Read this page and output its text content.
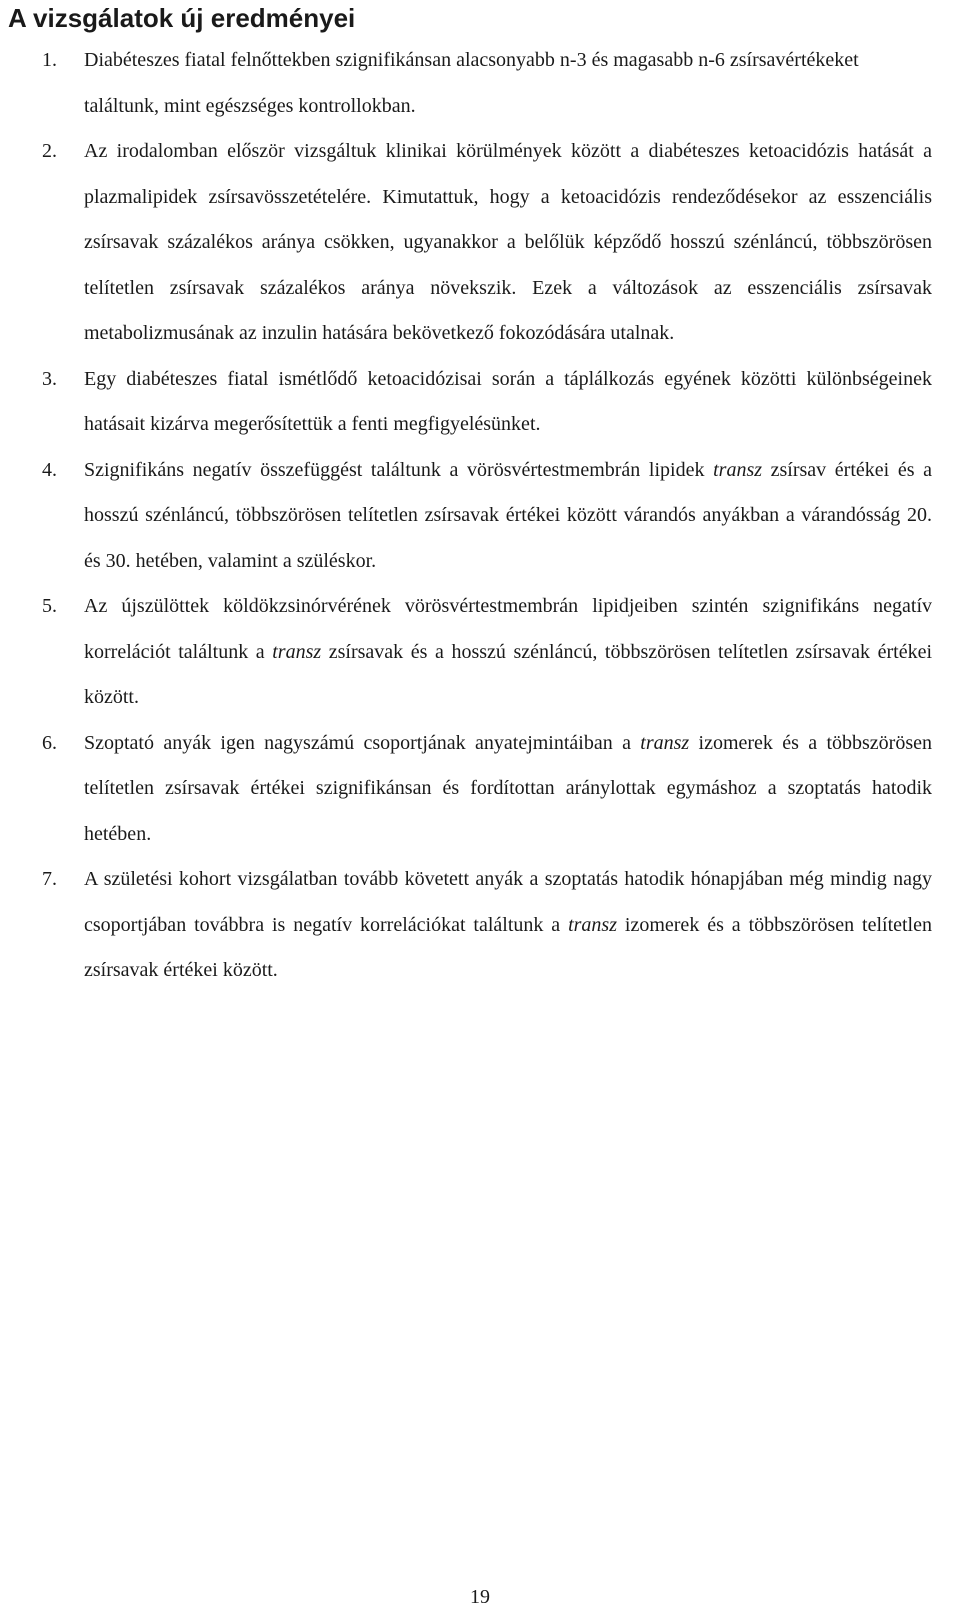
A vizsgálatok új eredményei
1. Diabéteszes fiatal felnőttekben szignifikánsan alacsonyabb n-3 és magasabb n-6 zsírsavértékeket találtunk, mint egészséges kontrollokban.
2. Az irodalomban először vizsgáltuk klinikai körülmények között a diabéteszes ketoacidózis hatását a plazmalipidek zsírsavösszetételére. Kimutattuk, hogy a ketoacidózis rendeződésekor az esszenciális zsírsavak százalékos aránya csökken, ugyanakkor a belőlük képződő hosszú szénláncú, többszörösen telítetlen zsírsavak százalékos aránya növekszik. Ezek a változások az esszenciális zsírsavak metabolizmusának az inzulin hatására bekövetkező fokozódására utalnak.
3. Egy diabéteszes fiatal ismétlődő ketoacidózisai során a táplálkozás egyének közötti különbségeinek hatásait kizárva megerősítettük a fenti megfigyelésünket.
4. Szignifikáns negatív összefüggést találtunk a vörösvértestmembrán lipidek transz zsírsav értékei és a hosszú szénláncú, többszörösen telítetlen zsírsavak értékei között várandós anyákban a várandósság 20. és 30. hetében, valamint a szüléskor.
5. Az újszülöttek köldökzsinórvérének vörösvértestmembrán lipidjeiben szintén szignifikáns negatív korrelációt találtunk a transz zsírsavak és a hosszú szénláncú, többszörösen telítetlen zsírsavak értékei között.
6. Szoptató anyák igen nagyszámú csoportjának anyatejmintáiban a transz izomerek és a többszörösen telítetlen zsírsavak értékei szignifikánsan és fordítottan aránylottak egymáshoz a szoptatás hatodik hetében.
7. A születési kohort vizsgálatban tovább követett anyák a szoptatás hatodik hónapjában még mindig nagy csoportjában továbbra is negatív korrelációkat találtunk a transz izomerek és a többszörösen telítetlen zsírsavak értékei között.
19
